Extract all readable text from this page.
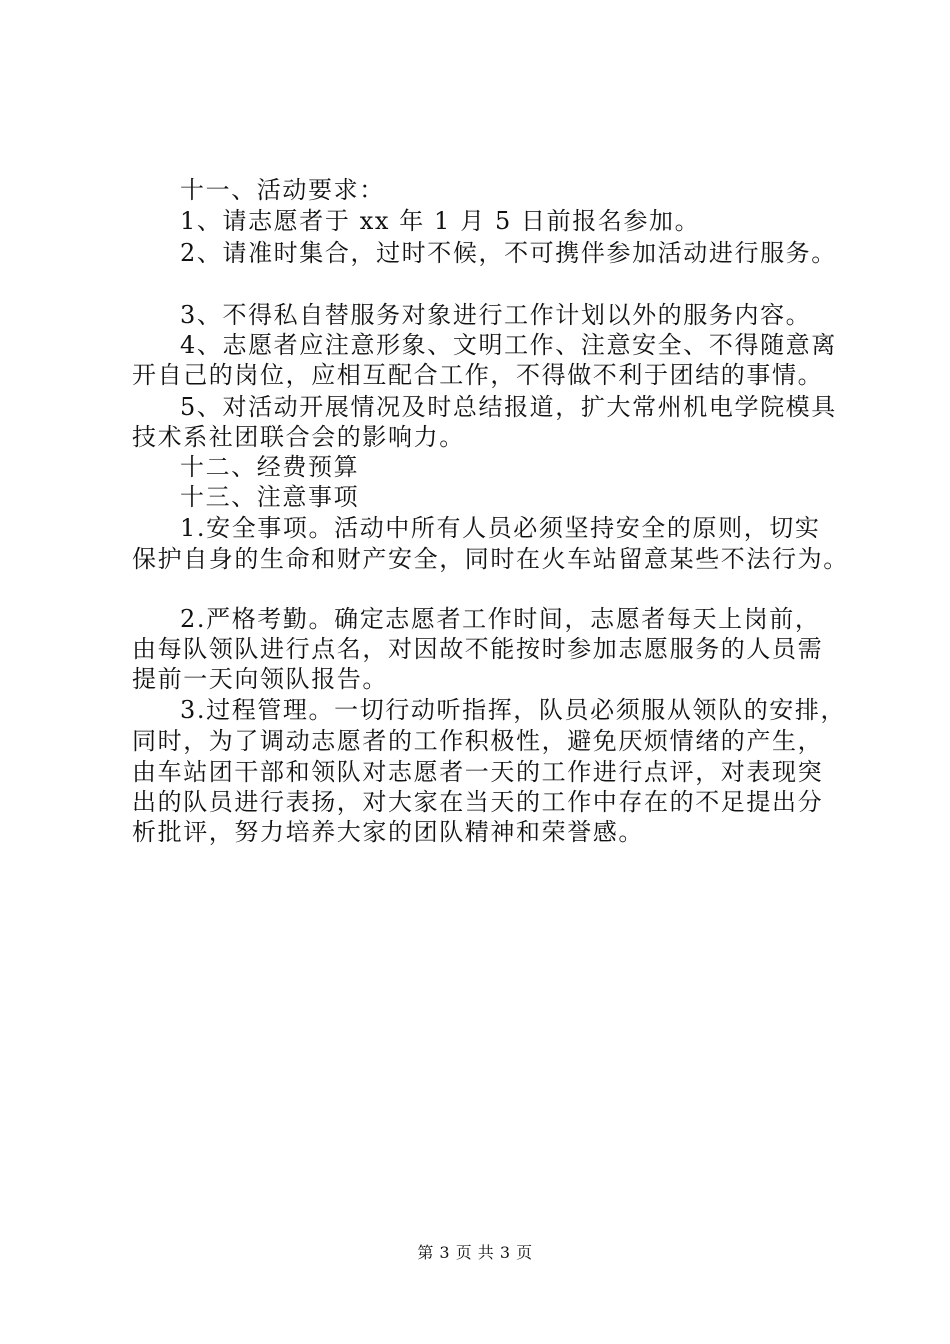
十一、活动要求：
1、请志愿者于 xx 年 1 月 5 日前报名参加。
2、请准时集合，过时不候，不可携伴参加活动进行服务。
3、不得私自替服务对象进行工作计划以外的服务内容。
4、志愿者应注意形象、文明工作、注意安全、不得随意离
开自己的岗位，应相互配合工作，不得做不利于团结的事情。
5、对活动开展情况及时总结报道，扩大常州机电学院模具
技术系社团联合会的影响力。
十二、经费预算
十三、注意事项
1.安全事项。活动中所有人员必须坚持安全的原则，切实
保护自身的生命和财产安全，同时在火车站留意某些不法行为。
2.严格考勤。确定志愿者工作时间，志愿者每天上岗前，
由每队领队进行点名，对因故不能按时参加志愿服务的人员需
提前一天向领队报告。
3.过程管理。一切行动听指挥，队员必须服从领队的安排，
同时，为了调动志愿者的工作积极性，避免厌烦情绪的产生，
由车站团干部和领队对志愿者一天的工作进行点评，对表现突
出的队员进行表扬，对大家在当天的工作中存在的不足提出分
析批评，努力培养大家的团队精神和荣誉感。
第 3 页 共 3 页
